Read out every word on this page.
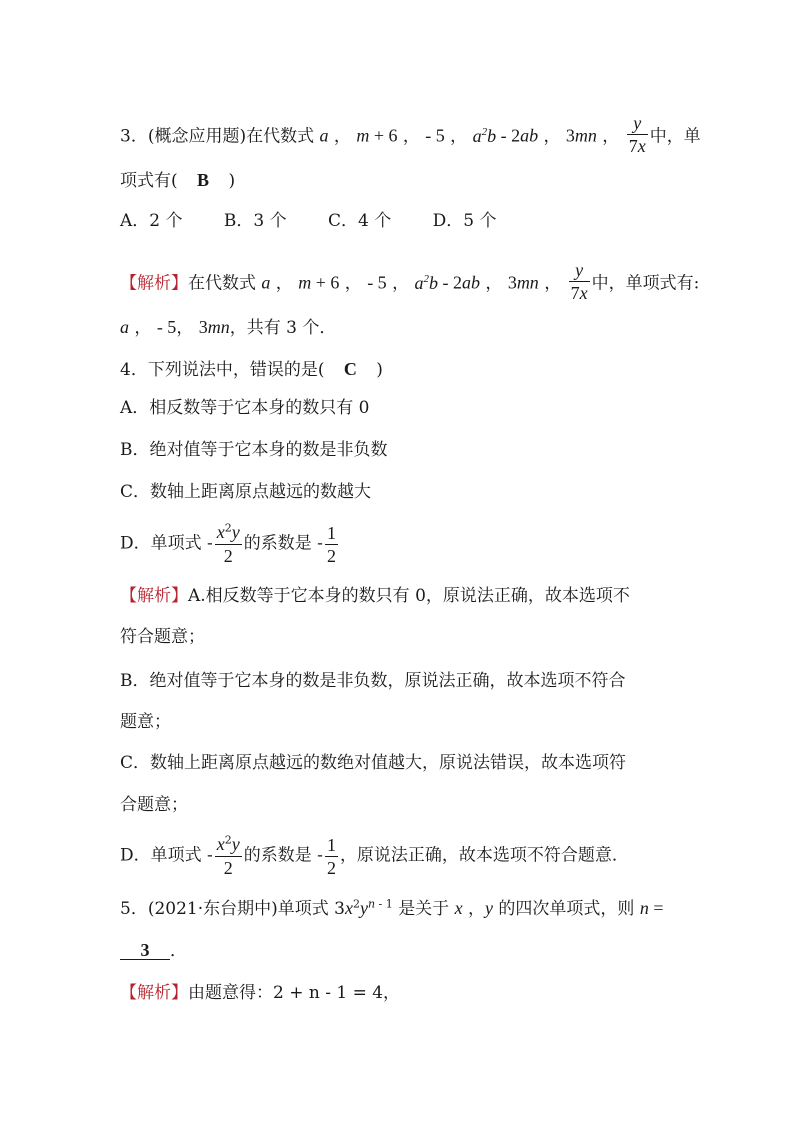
3．(概念应用题)在代数式 a ， m + 6 ， - 5 ， $a^2b - 2ab$ ， 3mn ， $\frac{y}{7x}$ 中，单
项式有( B )
A．2 个 B．3 个 C．4 个 D．5 个
【解析】在代数式 a ， m + 6 ， - 5 ， $a^2b - 2ab$ ， 3mn ， $\frac{y}{7x}$ 中，单项式有:
a ， - 5， 3mn，共有 3 个．
4．下列说法中，错误的是( C )
A．相反数等于它本身的数只有 0
B．绝对值等于它本身的数是非负数
C．数轴上距离原点越远的数越大
D．单项式 - $\frac{x^2y}{2}$ 的系数是 - $\frac{1}{2}$
【解析】A.相反数等于它本身的数只有 0，原说法正确，故本选项不
符合题意；
B．绝对值等于它本身的数是非负数，原说法正确，故本选项不符合
题意；
C．数轴上距离原点越远的数绝对值越大，原说法错误，故本选项符
合题意；
D．单项式 - $\frac{x^2y}{2}$ 的系数是 - $\frac{1}{2}$ ，原说法正确，故本选项不符合题意．
5．(2021·东台期中)单项式 $3x^2y^{n - 1}$ 是关于 x ，y 的四次单项式，则 n =
3 ．
【解析】由题意得：2 + n - 1 = 4，
